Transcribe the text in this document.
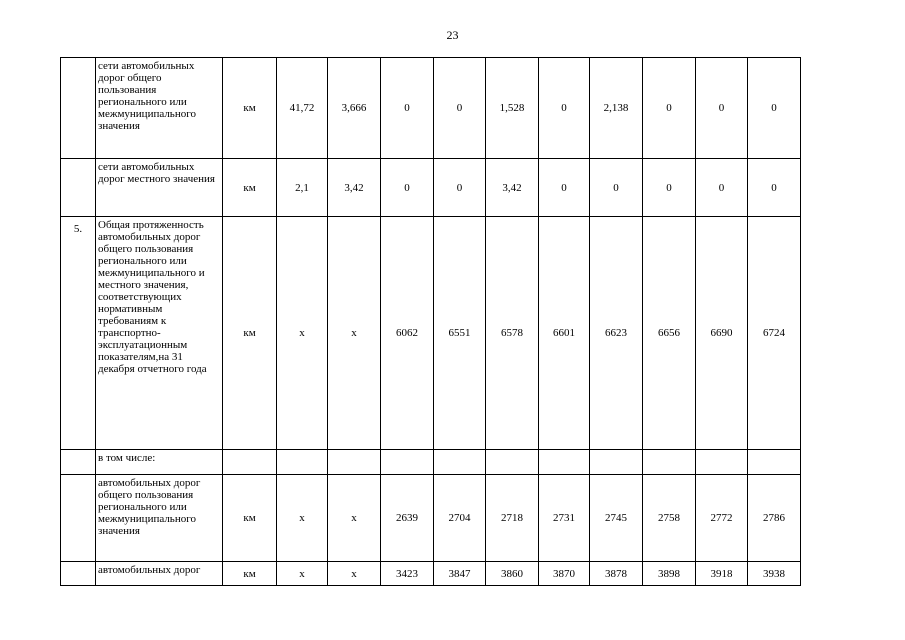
23
	сети автомобильных дорог общего пользования регионального или межмуниципального значения	км	41,72	3,666	0	0	1,528	0	2,138	0	0	0
	сети автомобильных дорог местного значения	км	2,1	3,42	0	0	3,42	0	0	0	0	0
5.	Общая протяженность автомобильных дорог общего пользования регионального или межмуниципального и местного значения, соответствующих нормативным требованиям к транспортно-эксплуатационным показателям,на 31 декабря отчетного года	км	х	х	6062	6551	6578	6601	6623	6656	6690	6724
	в том числе:											
	автомобильных дорог общего пользования регионального или межмуниципального значения	км	х	х	2639	2704	2718	2731	2745	2758	2772	2786
	автомобильных дорог	км	х	х	3423	3847	3860	3870	3878	3898	3918	3938
